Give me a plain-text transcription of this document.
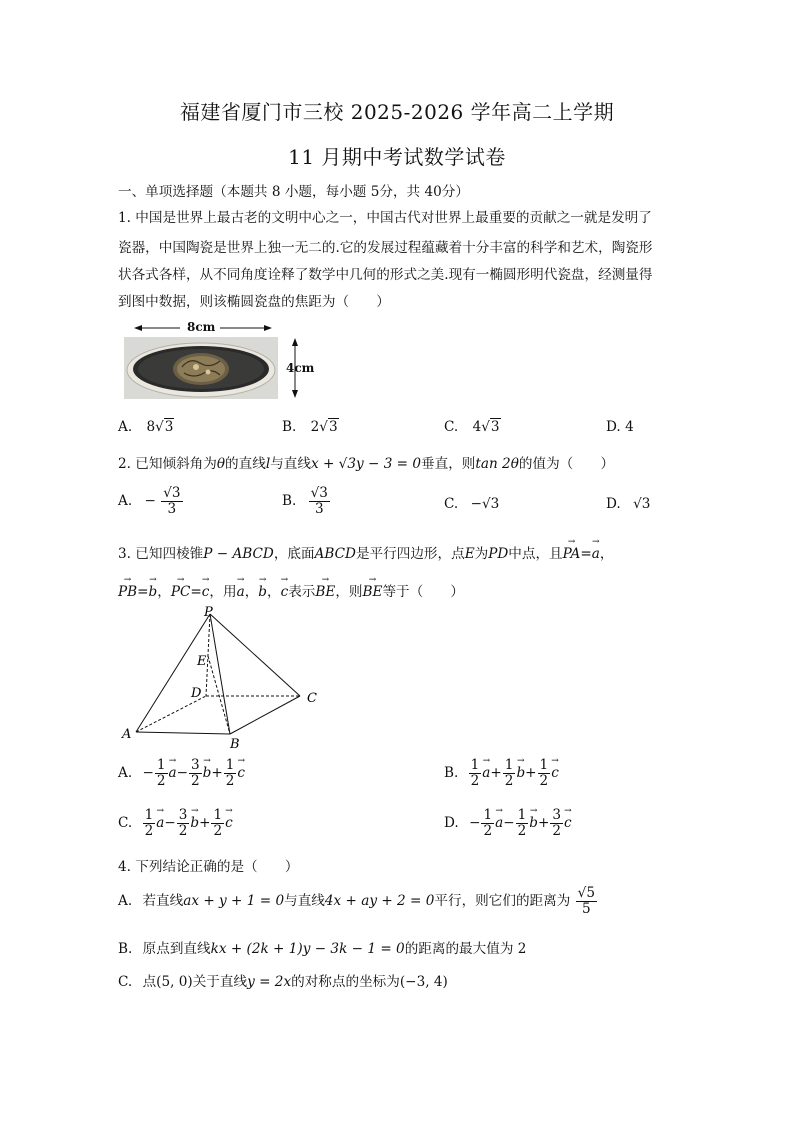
福建省厦门市三校 2025-2026 学年高二上学期
11 月期中考试数学试卷
一、单项选择题（本题共 8 小题，每小题 5分，共 40分）
1. 中国是世界上最古老的文明中心之一，中国古代对世界上最重要的贡献之一就是发明了
瓷器，中国陶瓷是世界上独一无二的.它的发展过程蕴藏着十分丰富的科学和艺术，陶瓷形
状各式各样，从不同角度诠释了数学中几何的形式之美.现有一椭圆形明代瓷盘，经测量得
到图中数据，则该椭圆瓷盘的焦距为（　　）
8cm
4cm
A. 8√3	B. 2√3	C. 4√3	D. 4
2. 已知倾斜角为θ的直线l与直线x + √3y − 3 = 0垂直，则tan 2θ的值为（　　）
A. − $\frac{√3}{3}$	B. $\frac{√3}{3}$	C. −√3	D. √3
3. 已知四棱锥P − ABCD，底面ABCD是平行四边形，点E为PD中点，且→ PA=→ a，
→ PB=→ b，→ PC=→ c，用→ a，→ b，→ c表示→ BE，则→ BE等于（　　）
P
E
D	C
A
B
A. − $\frac{1}{2}$
→ $a- \frac{3}{2}$
→ $b+ \frac{1}{2}$
→ c	B. $\frac{1}{2}$
→ $a+ \frac{1}{2}$
→ $b+ \frac{1}{2}$
→ c
C. $\frac{1}{2}$
→ $a- \frac{3}{2}$
→ $b+ \frac{1}{2}$
→ c	D. − $\frac{1}{2}$
→ $a- \frac{1}{2}$
→ $b+ \frac{3}{2}$
→ c
4. 下列结论正确的是（　　）
A. 若直线ax + y + 1 = 0与直线4x + ay + 2 = 0平行，则它们的距离为 $\frac{√5}{5}$
B. 原点到直线kx + (2k + 1)y − 3k − 1 = 0的距离的最大值为 2
C. 点(5, 0)关于直线y = 2x的对称点的坐标为(−3, 4)
